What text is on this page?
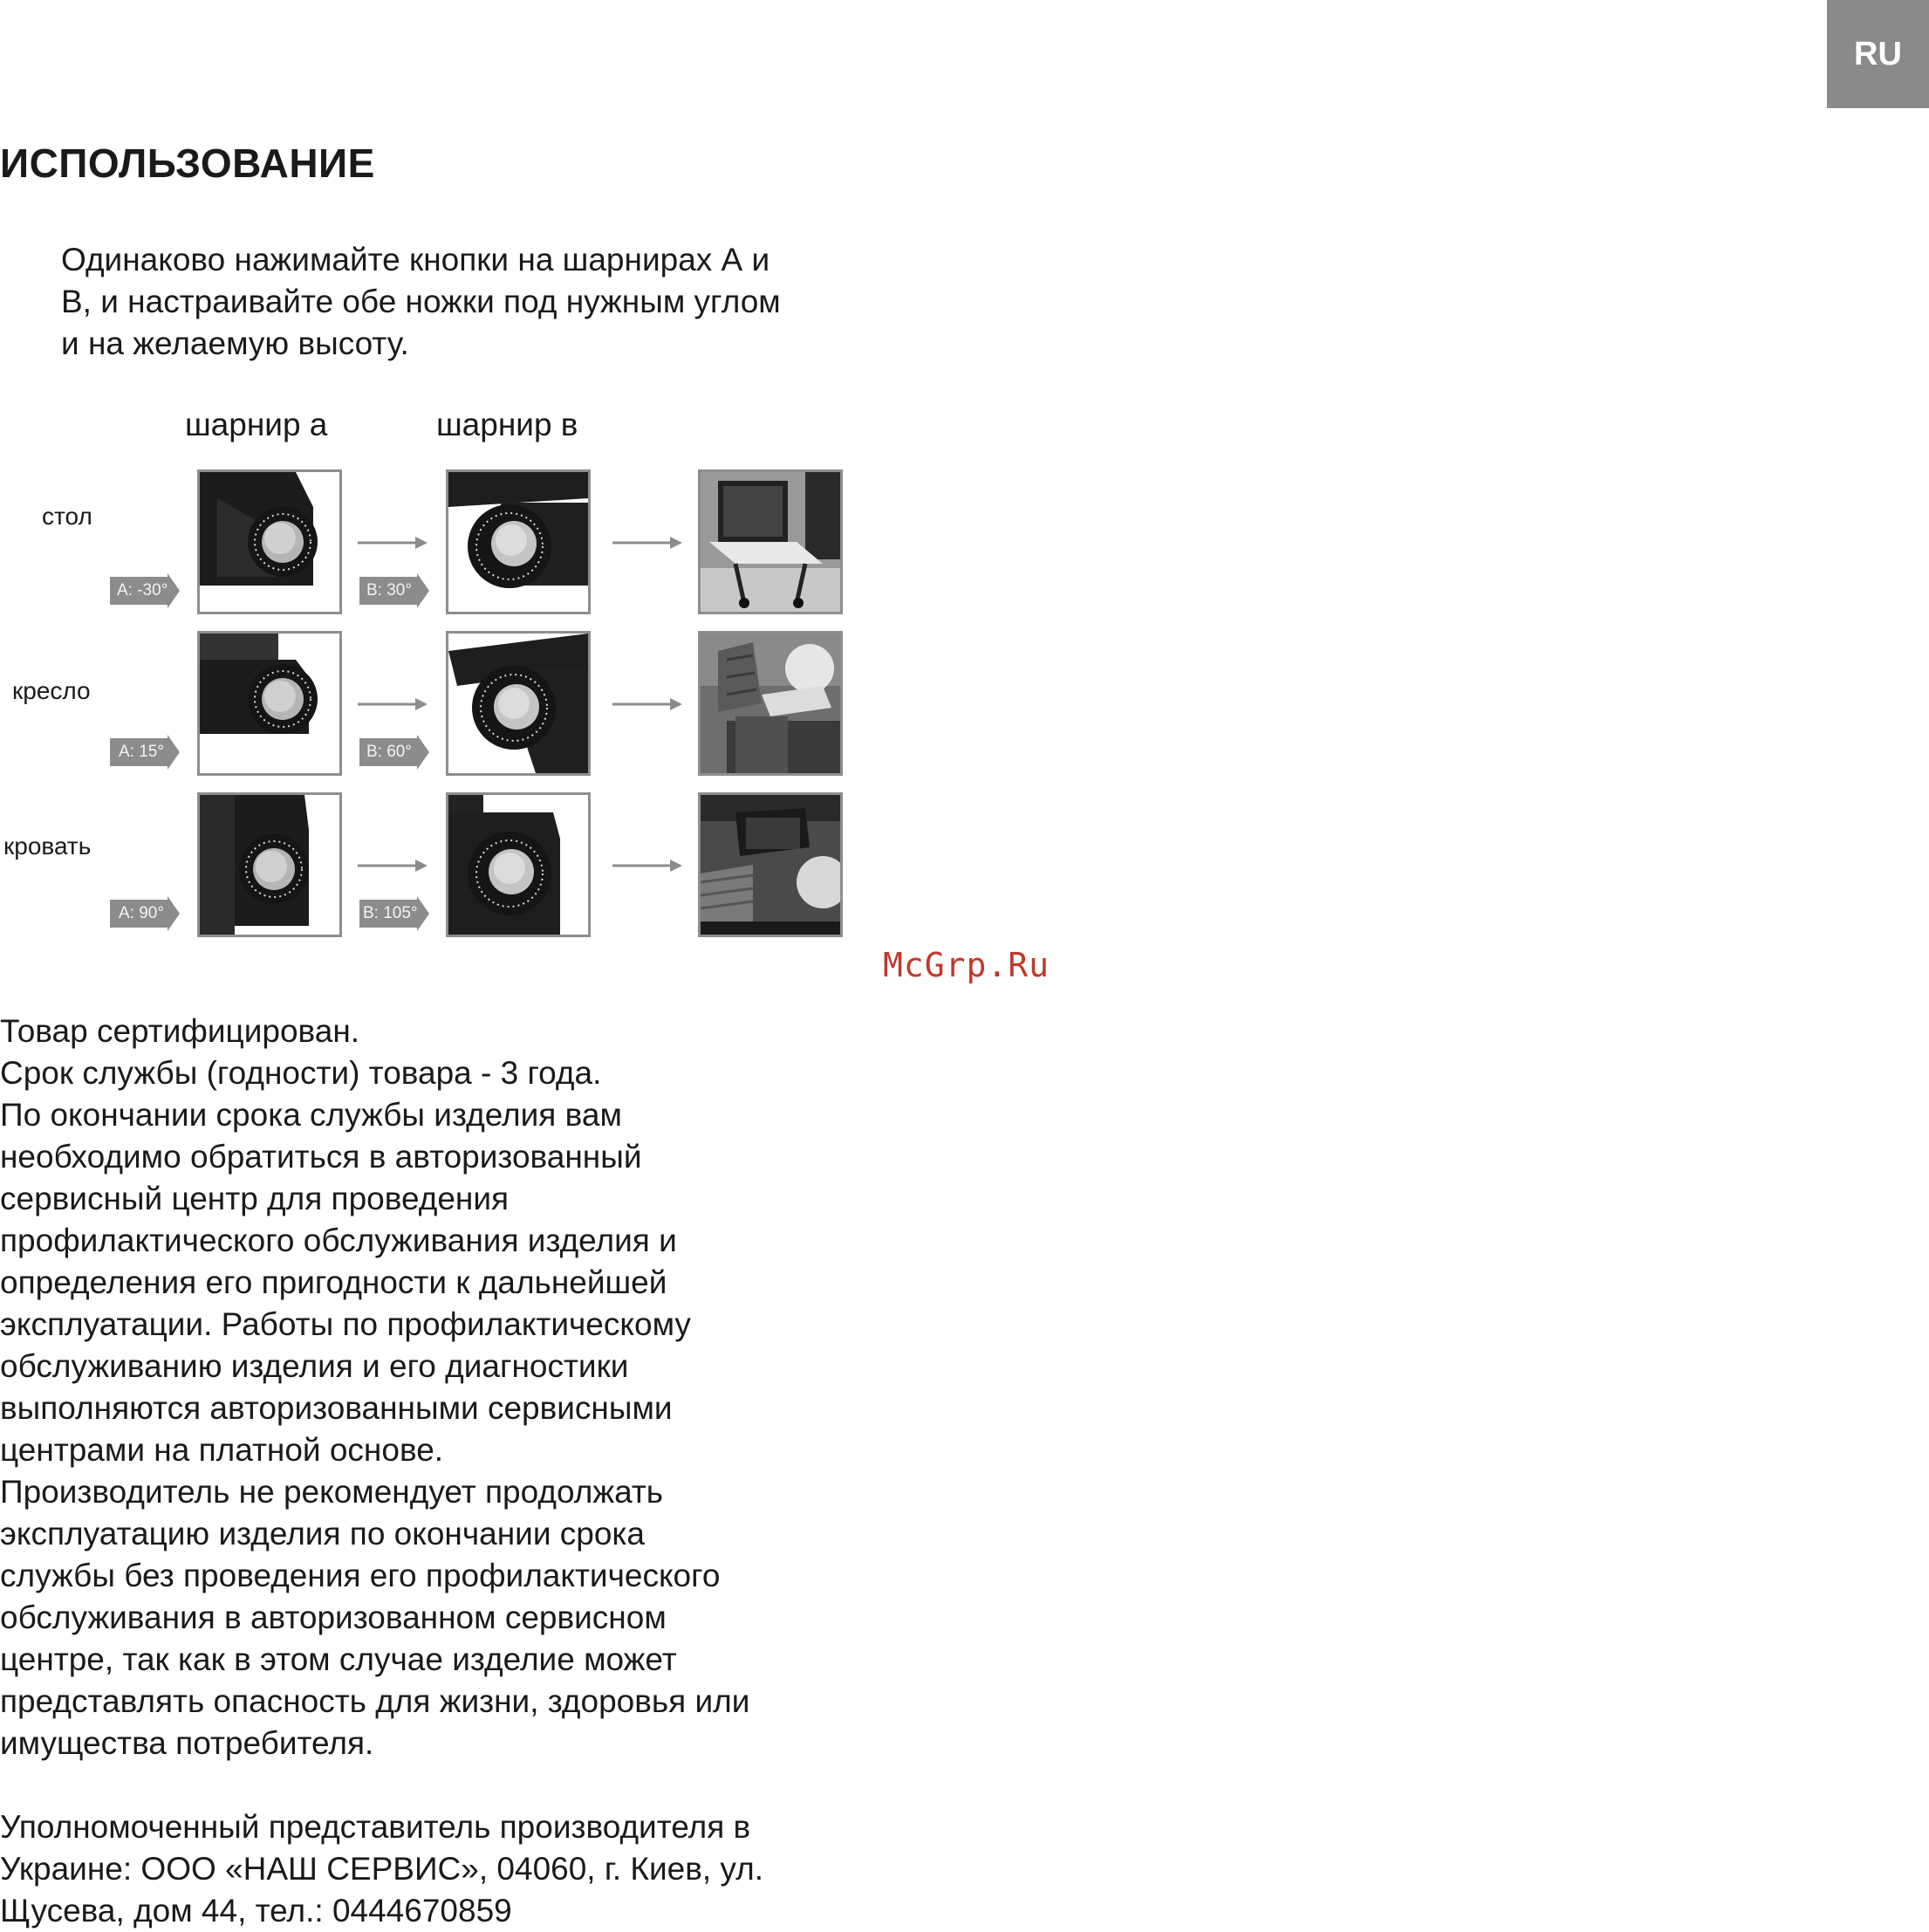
RU
ИСПОЛЬЗОВАНИЕ
Одинаково нажимайте кнопки на шарнирах А и
В, и настраивайте обе ножки под нужным углом
и на желаемую высоту.
шарнир а	шарнир в
стол
кресло
кровать
A: -30°
A: 15°
A: 90°
B: 30°
B: 60°
B: 105°
McGrp.Ru
Товар сертифицирован.
Срок службы (годности) товара - 3 года.
По окончании срока службы изделия вам
необходимо обратиться в авторизованный
сервисный центр для проведения
профилактического обслуживания изделия и
определения его пригодности к дальнейшей
эксплуатации. Работы по профилактическому
обслуживанию изделия и его диагностики
выполняются авторизованными сервисными
центрами на платной основе.
Производитель не рекомендует продолжать
эксплуатацию изделия по окончании срока
службы без проведения его профилактического
обслуживания в авторизованном сервисном
центре, так как в этом случае изделие может
представлять опасность для жизни, здоровья или
имущества потребителя.
Уполномоченный представитель производителя в
Украине: ООО «НАШ СЕРВИС», 04060, г. Киев, ул.
Щусева, дом 44, тел.: 0444670859
